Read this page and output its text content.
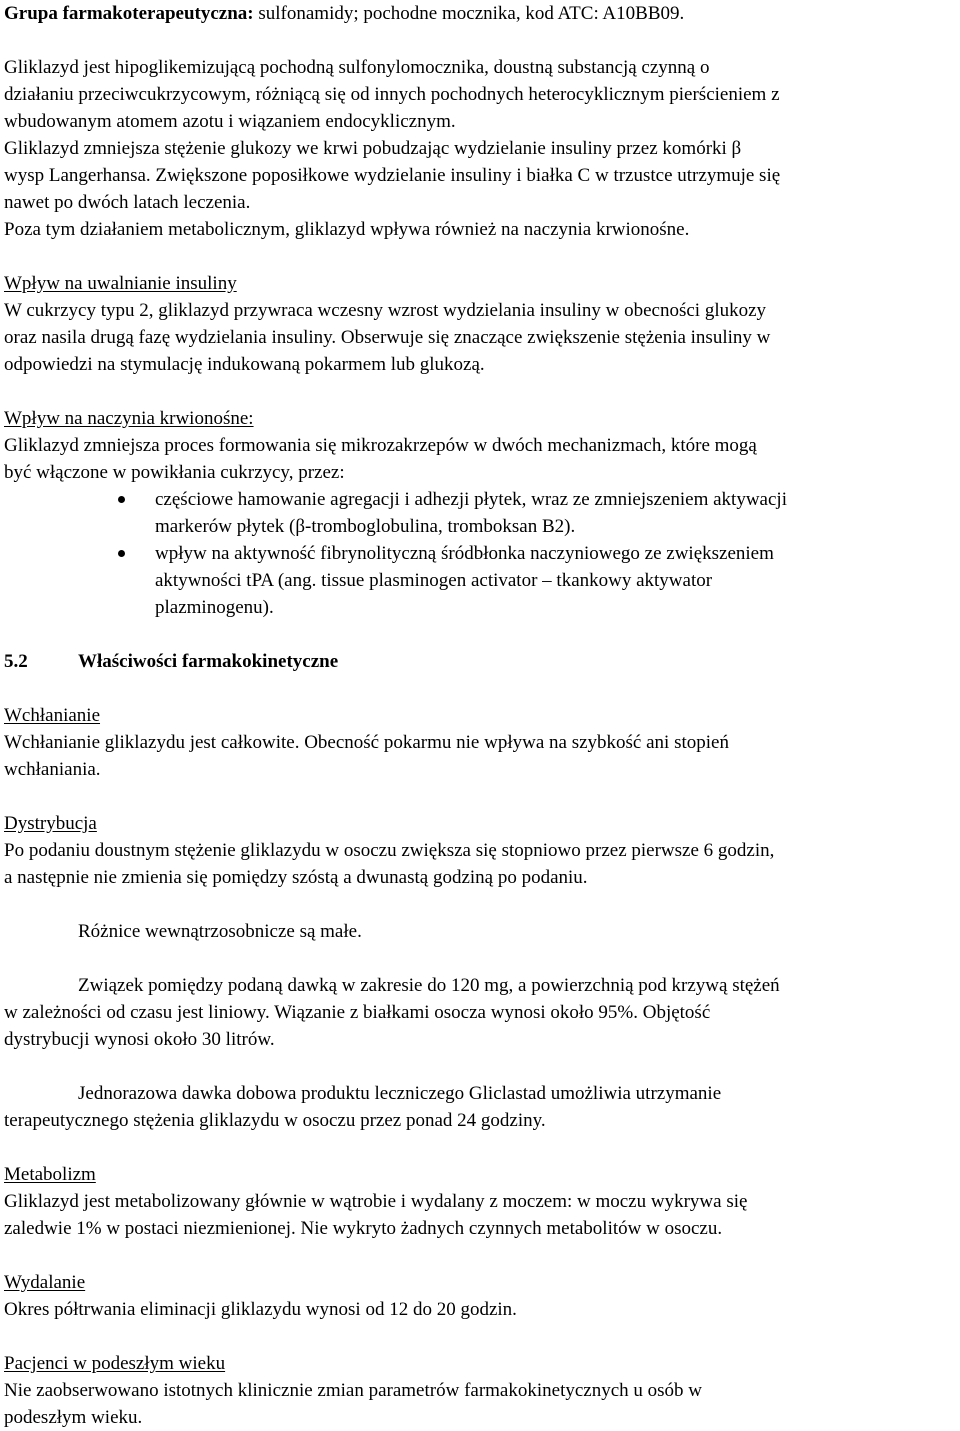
Grupa farmakoterapeutyczna: sulfonamidy; pochodne mocznika, kod ATC: A10BB09.

Gliklazyd jest hipoglikemizującą pochodną sulfonylomocznika, doustną substancją czynną o

działaniu przeciwcukrzycowym, różniącą się od innych pochodnych heterocyklicznym pierścieniem z

wbudowanym atomem azotu i wiązaniem endocyklicznym.

Gliklazyd zmniejsza stężenie glukozy we krwi pobudzając wydzielanie insuliny przez komórki β

wysp Langerhansa. Zwiększone poposiłkowe wydzielanie insuliny i białka C w trzustce utrzymuje się

nawet po dwóch latach leczenia.

Poza tym działaniem metabolicznym, gliklazyd wpływa również na naczynia krwionośne.

Wpływ na uwalnianie insuliny

W cukrzycy typu 2, gliklazyd przywraca wczesny wzrost wydzielania insuliny w obecności glukozy

oraz nasila drugą fazę wydzielania insuliny. Obserwuje się znaczące zwiększenie stężenia insuliny w

odpowiedzi na stymulację indukowaną pokarmem lub glukozą.

Wpływ na naczynia krwionośne:

Gliklazyd zmniejsza proces formowania się mikrozakrzepów w dwóch mechanizmach, które mogą

być włączone w powikłania cukrzycy, przez:

częściowe hamowanie agregacji i adhezji płytek, wraz ze zmniejszeniem aktywacji

markerów płytek (β-tromboglobulina, tromboksan B2).

wpływ na aktywność fibrynolityczną śródbłonka naczyniowego ze zwiększeniem

aktywności tPA (ang. tissue plasminogen activator – tkankowy aktywator

plazminogenu).

5.2	Właściwości farmakokinetyczne

Wchłanianie

Wchłanianie gliklazydu jest całkowite. Obecność pokarmu nie wpływa na szybkość ani stopień

wchłaniania.

Dystrybucja

Po podaniu doustnym stężenie gliklazydu w osoczu zwiększa się stopniowo przez pierwsze 6 godzin,

a następnie nie zmienia się pomiędzy szóstą a dwunastą godziną po podaniu.

Różnice wewnątrzosobnicze są małe.

Związek pomiędzy podaną dawką w zakresie do 120 mg, a powierzchnią pod krzywą stężeń

w zależności od czasu jest liniowy. Wiązanie z białkami osocza wynosi około 95%. Objętość

dystrybucji wynosi około 30 litrów.

Jednorazowa dawka dobowa produktu leczniczego Gliclastad umożliwia utrzymanie

terapeutycznego stężenia gliklazydu w osoczu przez ponad 24 godziny.

Metabolizm

Gliklazyd jest metabolizowany głównie w wątrobie i wydalany z moczem: w moczu wykrywa się

zaledwie 1% w postaci niezmienionej. Nie wykryto żadnych czynnych metabolitów w osoczu.

Wydalanie

Okres półtrwania eliminacji gliklazydu wynosi od 12 do 20 godzin.

Pacjenci w podeszłym wieku

Nie zaobserwowano istotnych klinicznie zmian parametrów farmakokinetycznych u osób w

podeszłym wieku.
